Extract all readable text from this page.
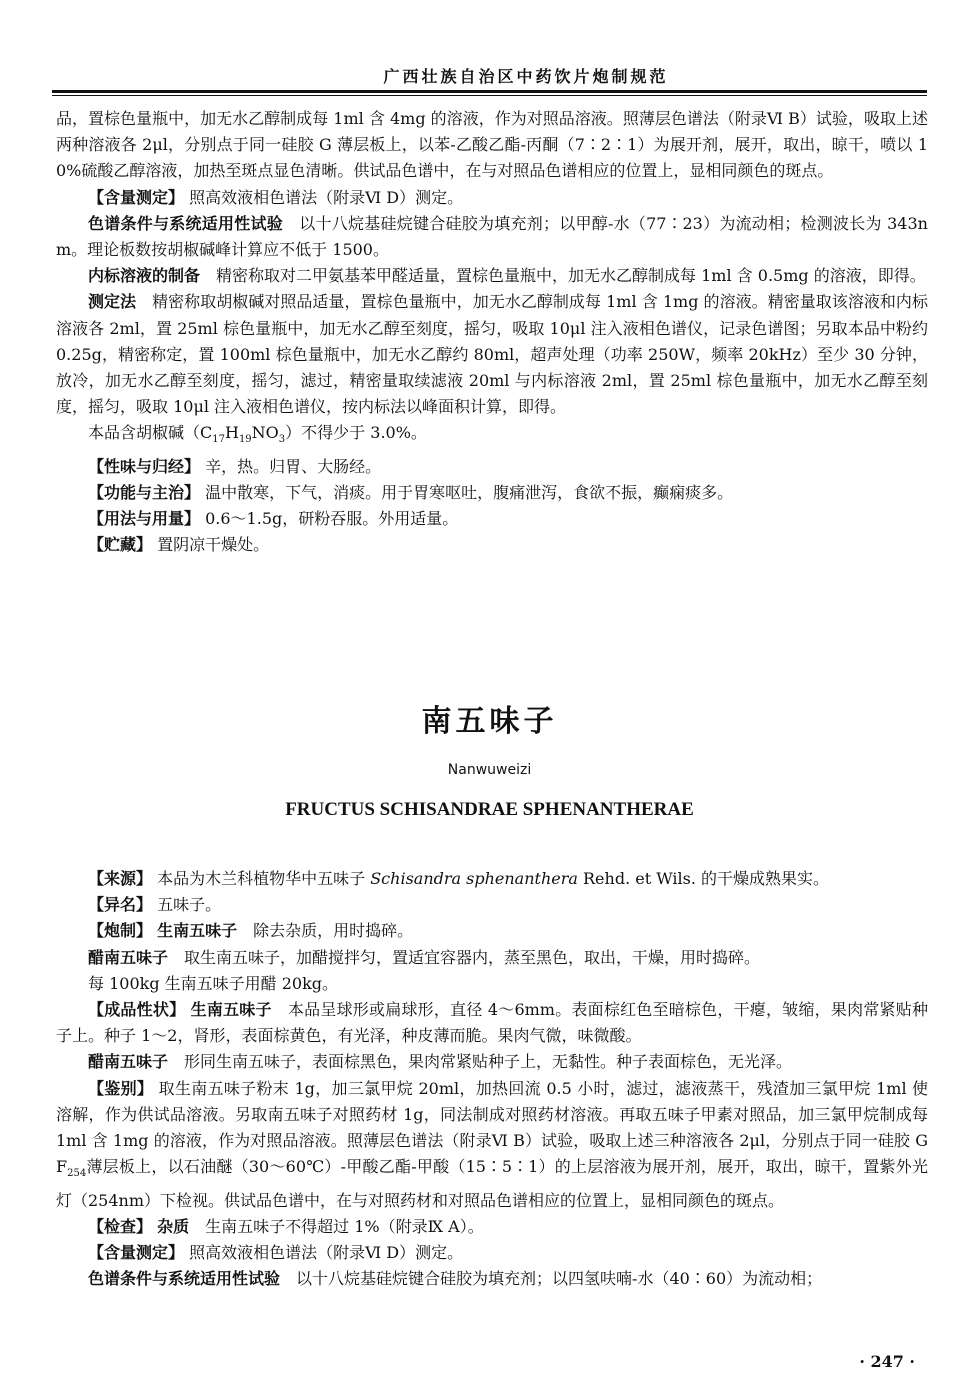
广西壮族自治区中药饮片炮制规范

品，置棕色量瓶中，加无水乙醇制成每 1ml 含 4mg 的溶液，作为对照品溶液。照薄层色谱法（附录Ⅵ B）试验，吸取上述两种溶液各 2μl，分别点于同一硅胶 G 薄层板上，以苯-乙酸乙酯-丙酮（7∶2∶1）为展开剂，展开，取出，晾干，喷以 10%硫酸乙醇溶液，加热至斑点显色清晰。供试品色谱中，在与对照品色谱相应的位置上，显相同颜色的斑点。

【含量测定】 照高效液相色谱法（附录Ⅵ D）测定。

色谱条件与系统适用性试验　 以十八烷基硅烷键合硅胶为填充剂；以甲醇-水（77∶23）为流动相；检测波长为 343nm。理论板数按胡椒碱峰计算应不低于 1500。

内标溶液的制备　 精密称取对二甲氨基苯甲醛适量，置棕色量瓶中，加无水乙醇制成每 1ml 含 0.5mg 的溶液，即得。

测定法　 精密称取胡椒碱对照品适量，置棕色量瓶中，加无水乙醇制成每 1ml 含 1mg 的溶液。精密量取该溶液和内标溶液各 2ml，置 25ml 棕色量瓶中，加无水乙醇至刻度，摇匀，吸取 10μl 注入液相色谱仪，记录色谱图；另取本品中粉约 0.25g，精密称定，置 100ml 棕色量瓶中，加无水乙醇约 80ml，超声处理（功率 250W，频率 20kHz）至少 30 分钟，放冷，加无水乙醇至刻度，摇匀，滤过，精密量取续滤液 20ml 与内标溶液 2ml，置 25ml 棕色量瓶中，加无水乙醇至刻度，摇匀，吸取 10μl 注入液相色谱仪，按内标法以峰面积计算，即得。

本品含胡椒碱$(C_{17}H_{19}NO_3)$不得少于 3.0%。

【性味与归经】 辛，热。归胃、大肠经。

【功能与主治】 温中散寒，下气，消痰。用于胃寒呕吐，腹痛泄泻，食欲不振，癫痫痰多。

【用法与用量】 0.6～1.5g，研粉吞服。外用适量。

【贮藏】 置阴凉干燥处。

南五味子
Nanwuweizi
FRUCTUS SCHISANDRAE SPHENANTHERAE

【来源】 本品为木兰科植物华中五味子 Schisandra sphenanthera Rehd. et Wils. 的干燥成熟果实。

【异名】 五味子。

【炮制】 生南五味子　 除去杂质，用时捣碎。

醋南五味子　 取生南五味子，加醋搅拌匀，置适宜容器内，蒸至黑色，取出，干燥，用时捣碎。

每 100kg 生南五味子用醋 20kg。

【成品性状】 生南五味子　 本品呈球形或扁球形，直径 4～6mm。表面棕红色至暗棕色，干瘪，皱缩，果肉常紧贴种子上。种子 1～2，肾形，表面棕黄色，有光泽，种皮薄而脆。果肉气微，味微酸。

醋南五味子　 形同生南五味子，表面棕黑色，果肉常紧贴种子上，无黏性。种子表面棕色，无光泽。

【鉴别】 取生南五味子粉末 1g，加三氯甲烷 20ml，加热回流 0.5 小时，滤过，滤液蒸干，残渣加三氯甲烷 1ml 使溶解，作为供试品溶液。另取南五味子对照药材 1g，同法制成对照药材溶液。再取五味子甲素对照品，加三氯甲烷制成每 1ml 含 1mg 的溶液，作为对照品溶液。照薄层色谱法（附录Ⅵ B）试验，吸取上述三种溶液各 2μl，分别点于同一硅胶 $GF_{254}$薄层板上，以石油醚（30～60℃）-甲酸乙酯-甲酸（15∶5∶1）的上层溶液为展开剂，展开，取出，晾干，置紫外光灯（254nm）下检视。供试品色谱中，在与对照药材和对照品色谱相应的位置上，显相同颜色的斑点。

【检查】 杂质　 生南五味子不得超过 1%（附录Ⅸ A）。

【含量测定】 照高效液相色谱法（附录Ⅵ D）测定。

色谱条件与系统适用性试验　 以十八烷基硅烷键合硅胶为填充剂；以四氢呋喃-水（40∶60）为流动相；

· 247 ·
